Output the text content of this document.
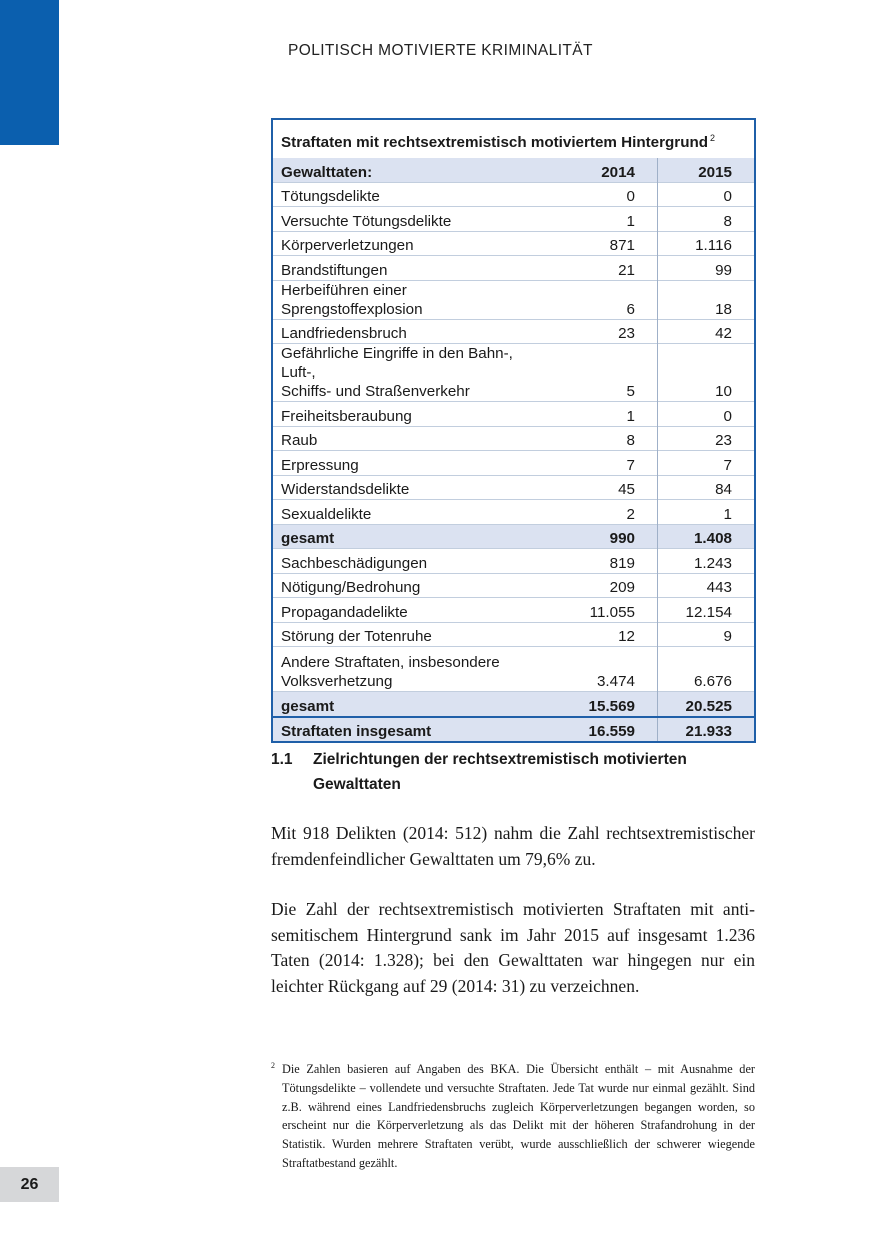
POLITISCH MOTIVIERTE KRIMINALITÄT
Straftaten mit rechtsextremistisch motiviertem Hintergrund $^2$
Gewalttaten:	2014	2015
Tötungsdelikte	0	0
Versuchte Tötungsdelikte	1	8
Körperverletzungen	871	1.116
Brandstiftungen	21	99
Herbeiführen einer Sprengstoffexplosion	6	18
Landfriedensbruch	23	42
Gefährliche Eingriffe in den Bahn-, Luft-,
Schiffs- und Straßenverkehr	5	10
Freiheitsberaubung	1	0
Raub	8	23
Erpressung	7	7
Widerstandsdelikte	45	84
Sexualdelikte	2	1
gesamt	990	1.408
Sachbeschädigungen	819	1.243
Nötigung/Bedrohung	209	443
Propagandadelikte	11.055	12.154
Störung der Totenruhe	12	9
Andere Straftaten, insbesondere
Volksverhetzung	3.474	6.676
gesamt	15.569	20.525
Straftaten insgesamt	16.559	21.933
1.1 Zielrichtungen der rechtsextremistisch motivierten Gewalttaten

Mit 918 Delikten (2014: 512) nahm die Zahl rechtsextremistischer fremdenfeindlicher Gewalttaten um 79,6% zu.

Die Zahl der rechtsextremistisch motivierten Straftaten mit antisemitischem Hintergrund sank im Jahr 2015 auf insgesamt 1.236 Taten (2014: 1.328); bei den Gewalttaten war hingegen nur ein leichter Rückgang auf 29 (2014: 31) zu verzeichnen.

2 Die Zahlen basieren auf Angaben des BKA. Die Übersicht enthält – mit Ausnahme der Tötungsdelikte – vollendete und versuchte Straftaten. Jede Tat wurde nur einmal gezählt. Sind z.B. während eines Landfriedensbruchs zugleich Körperverletzungen begangen worden, so erscheint nur die Körperverletzung als das Delikt mit der höheren Strafandrohung in der Statistik. Wurden mehrere Straftaten verübt, wurde ausschließlich der schwerer wiegende Straftatbestand gezählt.
26
